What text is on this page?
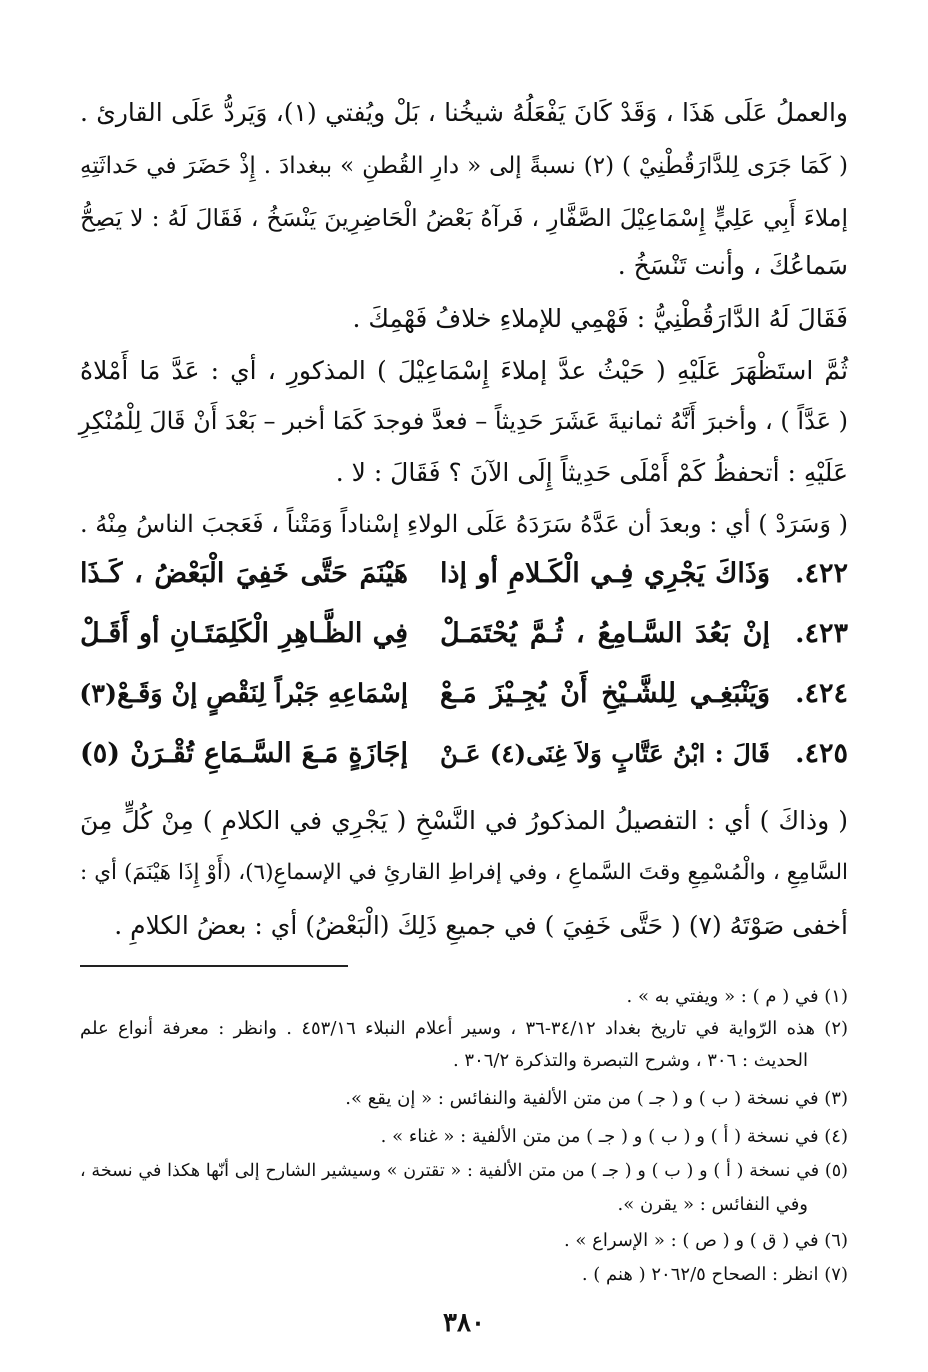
والعملُ عَلَى هَذَا ، وَقَدْ كَانَ يَفْعَلُهُ شيخُنا ، بَلْ ويُفتي (١)، وَيَردُّ عَلَى القارئ .
( كَمَا جَرَى لِلدَّارَقُطْنِيْ ) (٢) نسبةً إلى « دارِ القُطنِ » ببغدادَ . إِذْ حَضَرَ في حَداثَتِهِ
إملاءَ أَبِي عَلِيٍّ إِسْمَاعِيْلَ الصَّفَّارِ ، فَرآهُ بَعْضُ الْحَاضِرِينَ يَنْسَخُ ، فَقَالَ لَهُ : لا يَصِحُّ
سَماعُكَ ، وأنت تَنْسَخُ .
فَقَالَ لَهُ الدَّارَقُطْنِيُّ : فَهْمِي للإملاءِ خلافُ فَهْمِكَ .
ثُمَّ استَظْهَرَ عَلَيْهِ ( حَيْثُ عدَّ إملاءَ إِسْمَاعِيْلَ ) المذكورِ ، أي : عَدَّ مَا أَمْلاهُ
( عَدَّاً ) ، وأخبرَ أَنَّهُ ثمانيةَ عَشَرَ حَدِيثاً – فعدَّ فوجدَ كَمَا أخبر – بَعْدَ أَنْ قَالَ لِلْمُنْكِرِ
عَلَيْهِ : أتحفظُ كَمْ أَمْلَى حَدِيثاً إِلَى الآنَ ؟ فَقَالَ : لا .
( وَسَرَدْ ) أي : وبعدَ أن عَدَّهُ سَرَدَهُ عَلَى الولاءِ إسْناداً وَمَتْناً ، فَعَجبَ الناسُ مِنْهُ .
٤٢٢.
وَذَاكَ يَجْرِي فِـي الْكَـلامِ أو إذا
هَيْنَمَ حَتَّى خَفِيَ الْبَعْضُ ، كَـذَا
٤٢٣.
إنْ بَعُدَ السَّـامِعُ ، ثُـمَّ يُحْتَمَـلْ
فِي الظَّـاهِرِ الْكَلِمَتَـانِ أو أَقَـلْ
٤٢٤.
وَيَنْبَغِـي لِلشَّـيْخِ أَنْ يُجِـيْزَ مَـعْ
إسْمَاعِهِ جَبْراً لِنَقْصٍ إنْ وَقَـعْ(٣)
٤٢٥.
قَالَ : ابْنُ عَتَّابٍ وَلاَ غِنَى(٤) عَـنْ
إجَازَةٍ مَـعَ السَّـمَاعِ تُقْـرَنْ (٥)
( وذاكَ ) أي : التفصيلُ المذكورُ في النَّسْخِ ( يَجْرِي في الكلامِ ) مِنْ كُلٍّ مِنَ
السَّامِعِ ، والْمُسْمِعِ وقتَ السَّماعِ ، وفي إفراطِ القارئِ في الإسماعِ(٦)، (أَوْ إِذَا هَيْنَمَ) أي :
أخفى صَوْتَهُ (٧) ( حَتَّى خَفِيَ ) في جميعِ ذَلِكَ (الْبَعْضُ) أي : بعضُ الكلامِ .
(١) في ( م ) : « ويفتي به » .
(٢) هذه الرّواية في تاريخ بغداد ٣٤/١٢-٣٦ ، وسير أعلام النبلاء ٤٥٣/١٦ . وانظر : معرفة أنواع علم
الحديث : ٣٠٦ ، وشرح التبصرة والتذكرة ٣٠٦/٢ .
(٣) في نسخة ( ب ) و ( جـ ) من متن الألفية والنفائس : « إن يقع ».
(٤) في نسخة ( أ ) و ( ب ) و ( جـ ) من متن الألفية : « غناء » .
(٥) في نسخة ( أ ) و ( ب ) و ( جـ ) من متن الألفية : « تقترن » وسيشير الشارح إلى أنّها هكذا في نسخة ،
وفي النفائس : « يقرن ».
(٦) في ( ق ) و ( ص ) : « الإسراع » .
(٧) انظر : الصحاح ٢٠٦٢/٥ ( هنم ) .
٣٨٠
